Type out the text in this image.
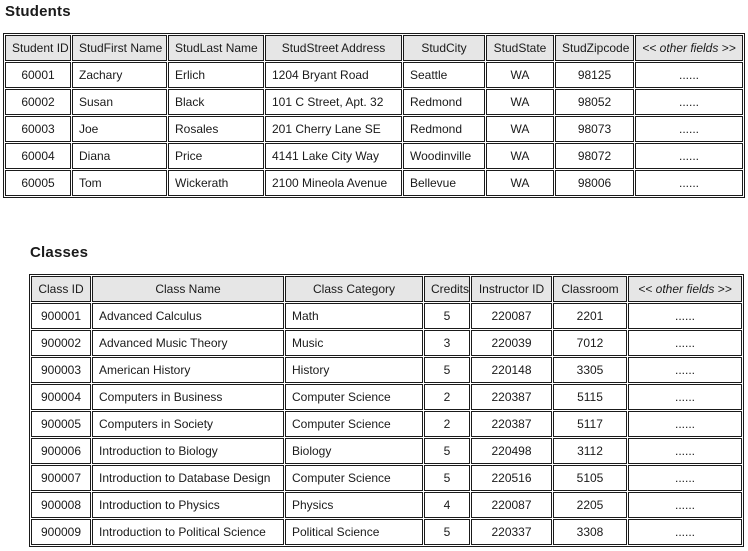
Students
Student ID	StudFirst Name	StudLast Name	StudStreet Address	StudCity	StudState	StudZipcode	<< other fields >>
60001	Zachary	Erlich	1204 Bryant Road	Seattle	WA	98125	......
60002	Susan	Black	101 C Street, Apt. 32	Redmond	WA	98052	......
60003	Joe	Rosales	201 Cherry Lane SE	Redmond	WA	98073	......
60004	Diana	Price	4141 Lake City Way	Woodinville	WA	98072	......
60005	Tom	Wickerath	2100 Mineola Avenue	Bellevue	WA	98006	......
Classes
Class ID	Class Name	Class Category	Credits	Instructor ID	Classroom	<< other fields >>
900001	Advanced Calculus	Math	5	220087	2201	......
900002	Advanced Music Theory	Music	3	220039	7012	......
900003	American History	History	5	220148	3305	......
900004	Computers in Business	Computer Science	2	220387	5115	......
900005	Computers in Society	Computer Science	2	220387	5117	......
900006	Introduction to Biology	Biology	5	220498	3112	......
900007	Introduction to Database Design	Computer Science	5	220516	5105	......
900008	Introduction to Physics	Physics	4	220087	2205	......
900009	Introduction to Political Science	Political Science	5	220337	3308	......
